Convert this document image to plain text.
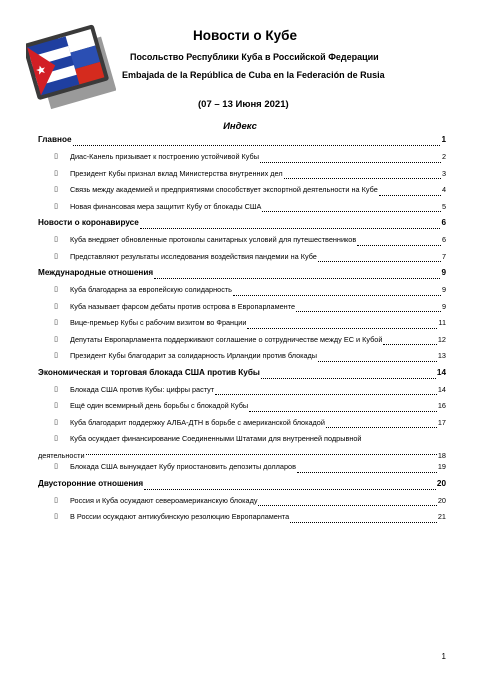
Новости о Кубе
Посольство Республики Куба в Российской Федерации
Embajada de la República de Cuba en la Federación de Rusia
(07 – 13 Июня 2021)
Индекс
Главное	1
▯	Диас-Канель призывает к построению устойчивой Кубы	2
▯	Президент Кубы признал вклад Министерства внутренних дел	3
▯	Связь между академией и предприятиями способствует экспортной деятельности на Кубе	4
▯	Новая финансовая мера защитит Кубу от блокады США	5
Новости о коронавирусе	6
▯	Куба внедряет обновленные протоколы санитарных условий для путешественников	6
▯	Представляют результаты исследования воздействия пандемии на Кубе	7
Международные отношения	9
▯	Куба благодарна за европейскую солидарность	9
▯	Куба называет фарсом дебаты против острова в Европарламенте	9
▯	Вице-премьер Кубы с рабочим визитом во Франции	11
▯	Депутаты Европарламента поддерживают соглашение о сотрудничестве между ЕС и Кубой	12
▯	Президент Кубы благодарит за солидарность Ирландии против блокады	13
Экономическая и торговая блокада США против Кубы	14
▯	Блокада США против Кубы: цифры растут	14
▯	Ещё один всемирный день борьбы с блокадой Кубы	16
▯	Куба благодарит поддержку АЛБА-ДТН в борьбе с американской блокадой	17
▯	Куба осуждает финансирование Соединенными Штатами для внутренней подрывной
деятельности	18
▯	Блокада США вынуждает Кубу приостановить депозиты долларов	19
Двусторонние отношения	20
▯	Россия и Куба осуждают североамериканскую блокаду	20
▯	В России осуждают антикубинскую резолюцию Европарламента	21
1
